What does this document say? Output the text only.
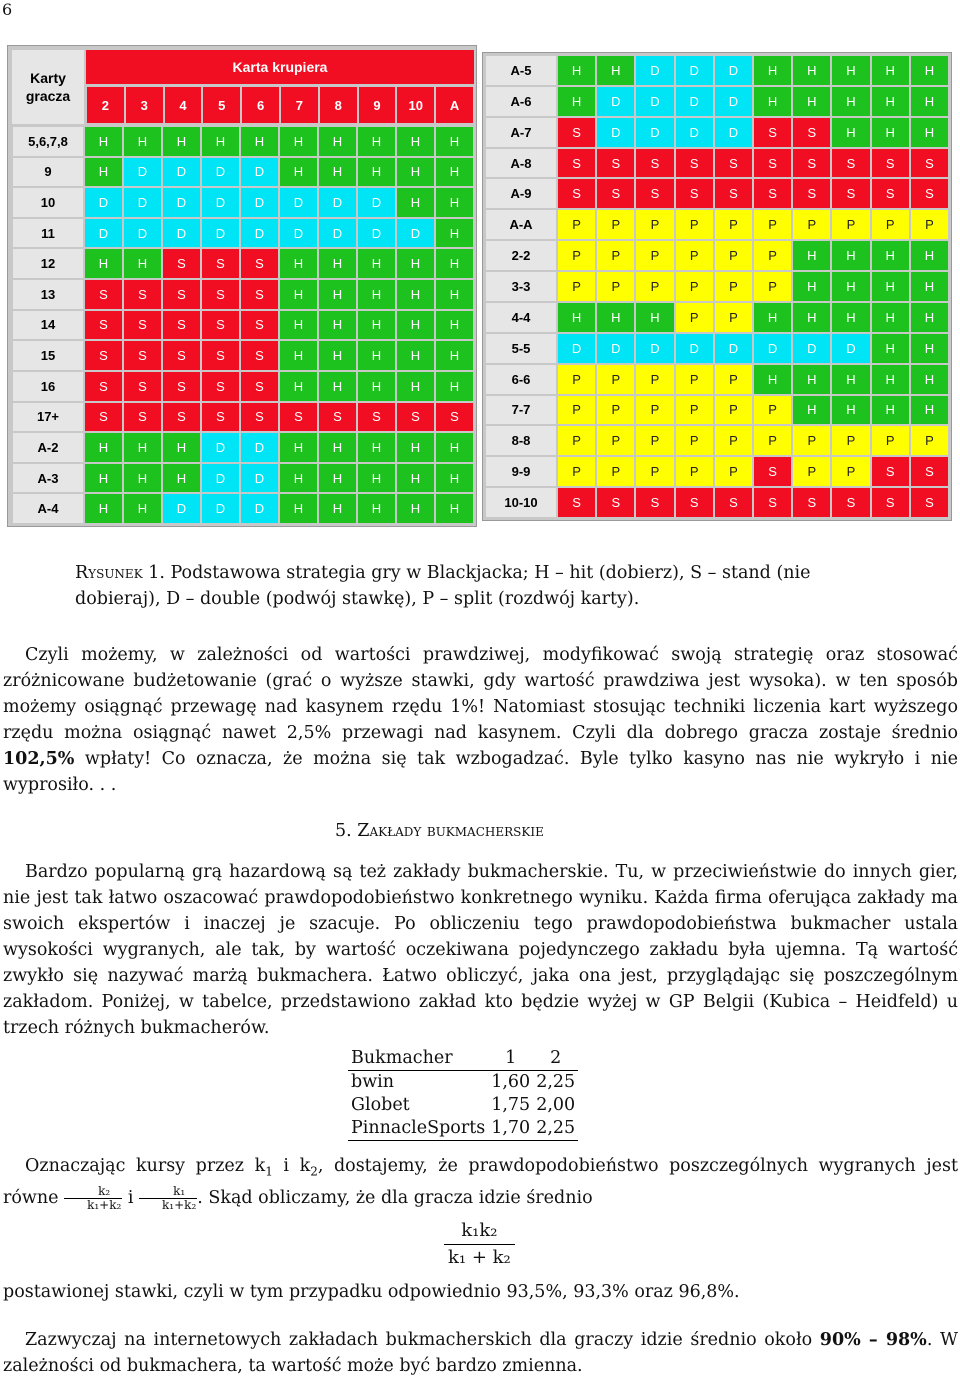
6
Karty
gracza
Karta krupiera
2	3	4	5	6	7	8	9	10	A
5,6,7,8	H	H	H	H	H	H	H	H	H	H
9	H	D	D	D	D	H	H	H	H	H
10	D	D	D	D	D	D	D	D	H	H
11	D	D	D	D	D	D	D	D	D	H
12	H	H	S	S	S	H	H	H	H	H
13	S	S	S	S	S	H	H	H	H	H
14	S	S	S	S	S	H	H	H	H	H
15	S	S	S	S	S	H	H	H	H	H
16	S	S	S	S	S	H	H	H	H	H
17+	S	S	S	S	S	S	S	S	S	S
A-2	H	H	H	D	D	H	H	H	H	H
A-3	H	H	H	D	D	H	H	H	H	H
A-4	H	H	D	D	D	H	H	H	H	H
A-5	H	H	D	D	D	H	H	H	H	H
A-6	H	D	D	D	D	H	H	H	H	H
A-7	S	D	D	D	D	S	S	H	H	H
A-8	S	S	S	S	S	S	S	S	S	S
A-9	S	S	S	S	S	S	S	S	S	S
A-A	P	P	P	P	P	P	P	P	P	P
2-2	P	P	P	P	P	P	H	H	H	H
3-3	P	P	P	P	P	P	H	H	H	H
4-4	H	H	H	P	P	H	H	H	H	H
5-5	D	D	D	D	D	D	D	D	H	H
6-6	P	P	P	P	P	H	H	H	H	H
7-7	P	P	P	P	P	P	H	H	H	H
8-8	P	P	P	P	P	P	P	P	P	P
9-9	P	P	P	P	P	S	P	P	S	S
10-10	S	S	S	S	S	S	S	S	S	S
Rysunek 1. Podstawowa strategia gry w Blackjacka; H – hit (dobierz), S – stand (nie dobieraj), D – double (podwój stawkę), P – split (rozdwój karty).
Czyli możemy, w zależności od wartości prawdziwej, modyfikować swoją strategię oraz stosować zróżnicowane budżetowanie (grać o wyższe stawki, gdy wartość prawdziwa jest wysoka). w ten sposób możemy osiągnąć przewagę nad kasynem rzędu 1%! Natomiast stosując techniki liczenia kart wyższego rzędu można osiągnąć nawet 2,5% przewagi nad kasynem. Czyli dla dobrego gracza zostaje średnio 102,5% wpłaty! Co oznacza, że można się tak wzbogadzać. Byle tylko kasyno nas nie wykryło i nie wyprosiło. . .
5. Zakłady bukmacherskie
Bardzo popularną grą hazardową są też zakłady bukmacherskie. Tu, w przeciwieństwie do innych gier, nie jest tak łatwo oszacować prawdopodobieństwo konkretnego wyniku. Każda firma oferująca zakłady ma swoich ekspertów i inaczej je szacuje. Po obliczeniu tego prawdopodobieństwa bukmacher ustala wysokości wygranych, ale tak, by wartość oczekiwana pojedynczego zakładu była ujemna. Tą wartość zwykło się nazywać marżą bukmachera. Łatwo obliczyć, jaka ona jest, przyglądając się poszczególnym zakładom. Poniżej, w tabelce, przedstawiono zakład kto będzie wyżej w GP Belgii (Kubica – Heidfeld) u trzech różnych bukmacherów.
Bukmacher	1	2
bwin	1,60	2,25
Globet	1,75	2,00
PinnacleSports	1,70	2,25
Oznaczając kursy przez $k_1$ i $k_2$, dostajemy, że prawdopodobieństwo poszczególnych wygranych jest równe $\frac{\text{k₂}}{\text{k₁+k₂}}$ i $\frac{\text{k₁}}{\text{k₁+k₂}}$ . Skąd obliczamy, że dla gracza idzie średnio
$\frac{\text{k₁k₂}}{\text{k₁ + k₂}}$
postawionej stawki, czyli w tym przypadku odpowiednio 93,5%, 93,3% oraz 96,8%.
Zazwyczaj na internetowych zakładach bukmacherskich dla graczy idzie średnio około 90% – 98%. W zależności od bukmachera, ta wartość może być bardzo zmienna.
